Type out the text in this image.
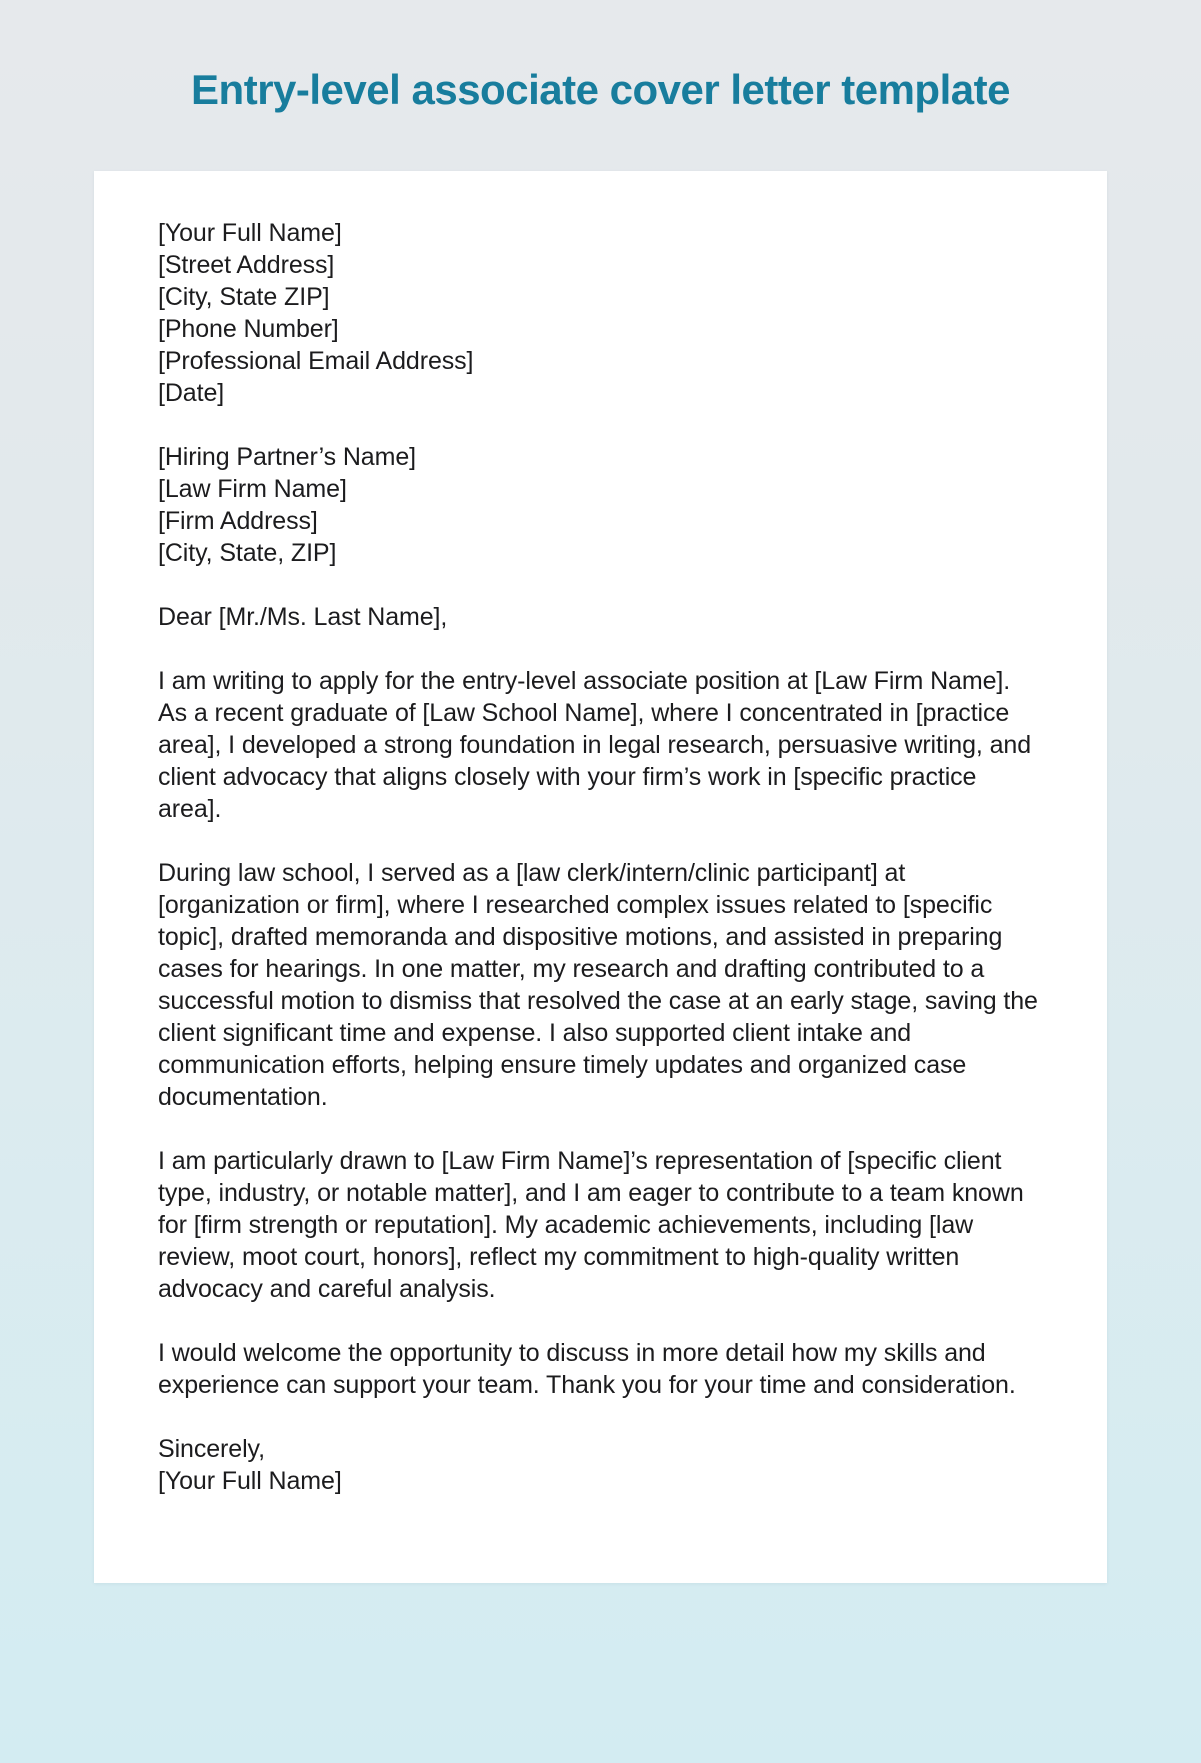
Entry-level associate cover letter template

[Your Full Name]

[Street Address]

[City, State ZIP]

[Phone Number]

[Professional Email Address]

[Date]

[Hiring Partner’s Name]

[Law Firm Name]

[Firm Address]

[City, State, ZIP]

Dear [Mr./Ms. Last Name],

I am writing to apply for the entry-level associate position at [Law Firm Name]. As a recent graduate of [Law School Name], where I concentrated in [practice area], I developed a strong foundation in legal research, persuasive writing, and client advocacy that aligns closely with your firm’s work in [specific practice area].

During law school, I served as a [law clerk/intern/clinic participant] at [organization or firm], where I researched complex issues related to [specific topic], drafted memoranda and dispositive motions, and assisted in preparing cases for hearings. In one matter, my research and drafting contributed to a successful motion to dismiss that resolved the case at an early stage, saving the client significant time and expense. I also supported client intake and communication efforts, helping ensure timely updates and organized case documentation.

I am particularly drawn to [Law Firm Name]’s representation of [specific client type, industry, or notable matter], and I am eager to contribute to a team known for [firm strength or reputation]. My academic achievements, including [law review, moot court, honors], reflect my commitment to high-quality written advocacy and careful analysis.

I would welcome the opportunity to discuss in more detail how my skills and experience can support your team. Thank you for your time and consideration.

Sincerely,

[Your Full Name]
